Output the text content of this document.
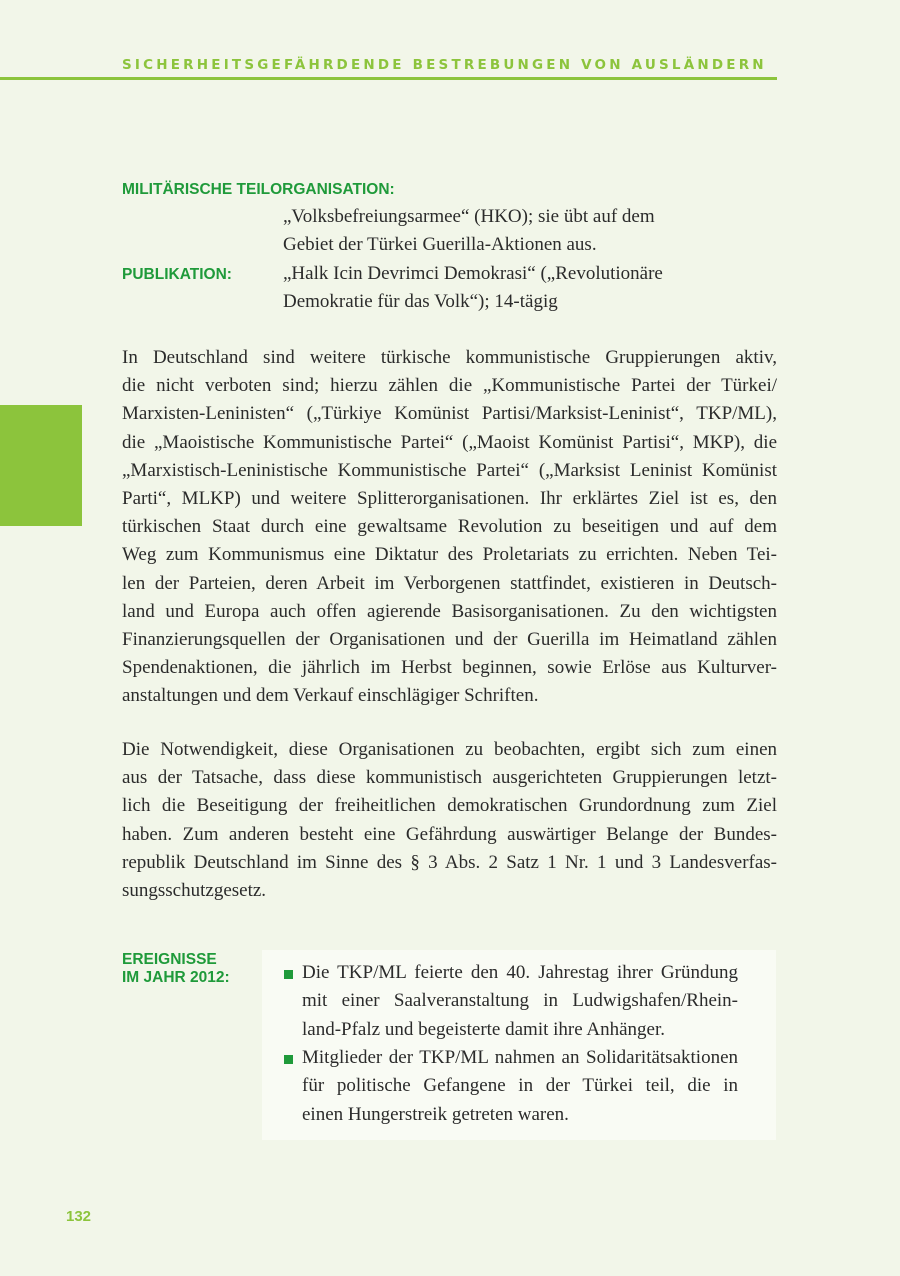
SICHERHEITSGEFÄHRDENDE BESTREBUNGEN VON AUSLÄNDERN
MILITÄRISCHE TEILORGANISATION:
„Volksbefreiungsarmee“ (HKO); sie übt auf dem
Gebiet der Türkei Guerilla-Aktionen aus.
PUBLIKATION:	„Halk Icin Devrimci Demokrasi“ („Revolutionäre
Demokratie für das Volk“); 14-tägig
In Deutschland sind weitere türkische kommunistische Gruppierungen aktiv,
die nicht verboten sind; hierzu zählen die „Kommunistische Partei der Türkei/
Marxisten-Leninisten“ („Türkiye Komünist Partisi/Marksist-Leninist“, TKP/ML),
die „Maoistische Kommunistische Partei“ („Maoist Komünist Partisi“, MKP), die
„Marxistisch-Leninistische Kommunistische Partei“ („Marksist Leninist Komünist
Parti“, MLKP) und weitere Splitterorganisationen. Ihr erklärtes Ziel ist es, den
türkischen Staat durch eine gewaltsame Revolution zu beseitigen und auf dem
Weg zum Kommunismus eine Diktatur des Proletariats zu errichten. Neben Tei-
len der Parteien, deren Arbeit im Verborgenen stattfindet, existieren in Deutsch-
land und Europa auch offen agierende Basisorganisationen. Zu den wichtigsten
Finanzierungsquellen der Organisationen und der Guerilla im Heimatland zählen
Spendenaktionen, die jährlich im Herbst beginnen, sowie Erlöse aus Kulturver-
anstaltungen und dem Verkauf einschlägiger Schriften.
Die Notwendigkeit, diese Organisationen zu beobachten, ergibt sich zum einen
aus der Tatsache, dass diese kommunistisch ausgerichteten Gruppierungen letzt-
lich die Beseitigung der freiheitlichen demokratischen Grundordnung zum Ziel
haben. Zum anderen besteht eine Gefährdung auswärtiger Belange der Bundes-
republik Deutschland im Sinne des § 3 Abs. 2 Satz 1 Nr. 1 und 3 Landesverfas-
sungsschutzgesetz.
EREIGNISSE
IM JAHR 2012:	Die TKP/ML feierte den 40. Jahrestag ihrer Gründung
mit einer Saalveranstaltung in Ludwigshafen/Rhein-
land-Pfalz und begeisterte damit ihre Anhänger.
Mitglieder der TKP/ML nahmen an Solidaritätsaktionen
für politische Gefangene in der Türkei teil, die in
einen Hungerstreik getreten waren.
132
